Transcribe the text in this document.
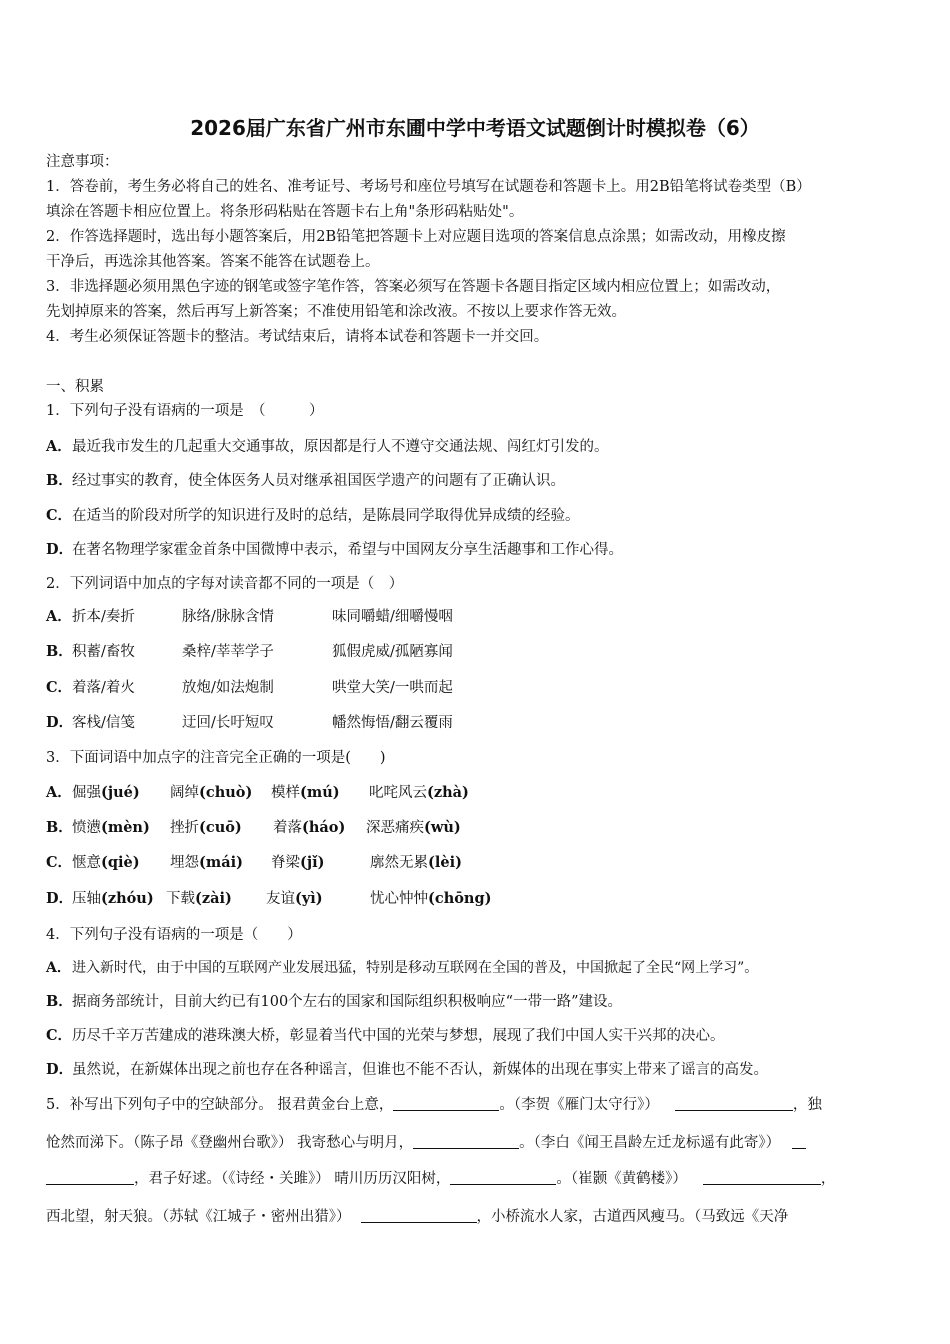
2026届广东省广州市东圃中学中考语文试题倒计时模拟卷（6）
注意事项：
1．答卷前，考生务必将自己的姓名、准考证号、考场号和座位号填写在试题卷和答题卡上。用2B铅笔将试卷类型（B）
填涂在答题卡相应位置上。将条形码粘贴在答题卡右上角"条形码粘贴处"。
2．作答选择题时，选出每小题答案后，用2B铅笔把答题卡上对应题目选项的答案信息点涂黑；如需改动，用橡皮擦
干净后，再选涂其他答案。答案不能答在试题卷上。
3．非选择题必须用黑色字迹的钢笔或签字笔作答，答案必须写在答题卡各题目指定区域内相应位置上；如需改动，
先划掉原来的答案，然后再写上新答案；不准使用铅笔和涂改液。不按以上要求作答无效。
4．考生必须保证答题卡的整洁。考试结束后，请将本试卷和答题卡一并交回。
一、积累
1．下列句子没有语病的一项是　（　　　）
A．最近我市发生的几起重大交通事故，原因都是行人不遵守交通法规、闯红灯引发的。
B．经过事实的教育，使全体医务人员对继承祖国医学遗产的问题有了正确认识。
C．在适当的阶段对所学的知识进行及时的总结，是陈晨同学取得优异成绩的经验。
D．在著名物理学家霍金首条中国微博中表示，希望与中国网友分享生活趣事和工作心得。
2．下列词语中加点的字每对读音都不同的一项是（　）
A．折本/奏折	脉络/脉脉含情	味同嚼蜡/细嚼慢咽
B．积蓄/畜牧	桑梓/莘莘学子	狐假虎威/孤陋寡闻
C．着落/着火	放炮/如法炮制	哄堂大笑/一哄而起
D．客栈/信笺	迂回/长吁短叹	幡然悔悟/翻云覆雨
3．下面词语中加点字的注音完全正确的一项是(　　)
A．倔强(jué) 阔绰(chuò) 模样(mú) 叱咤风云(zhà)
B．愤懑(mèn) 挫折(cuō) 着落(háo) 深恶痛疾(wù)
C．惬意(qiè) 埋怨(mái) 脊梁(jǐ)	廓然无累(lèi)
D．压轴(zhóu) 下载(zài) 友谊(yì)	忧心忡忡(chōng)
4．下列句子没有语病的一项是（　　）
A．进入新时代，由于中国的互联网产业发展迅猛，特别是移动互联网在全国的普及，中国掀起了全民“网上学习”。
B．据商务部统计，目前大约已有100个左右的国家和国际组织积极响应“一带一路”建设。
C．历尽千辛万苦建成的港珠澳大桥，彰显着当代中国的光荣与梦想，展现了我们中国人实干兴邦的决心。
D．虽然说，在新媒体出现之前也存在各种谣言，但谁也不能不否认，新媒体的出现在事实上带来了谣言的高发。
5．补写出下列句子中的空缺部分。 报君黄金台上意，	。（李贺《雁门太守行》）	，独
怆然而涕下。（陈子昂《登幽州台歌》） 我寄愁心与明月，	。（李白《闻王昌龄左迁龙标遥有此寄》）
，君子好逑。（《诗经・关雎》） 晴川历历汉阳树，	。（崔颢《黄鹤楼》）	，
西北望，射天狼。（苏轼《江城子・密州出猎》）	，小桥流水人家，古道西风瘦马。（马致远《天净
